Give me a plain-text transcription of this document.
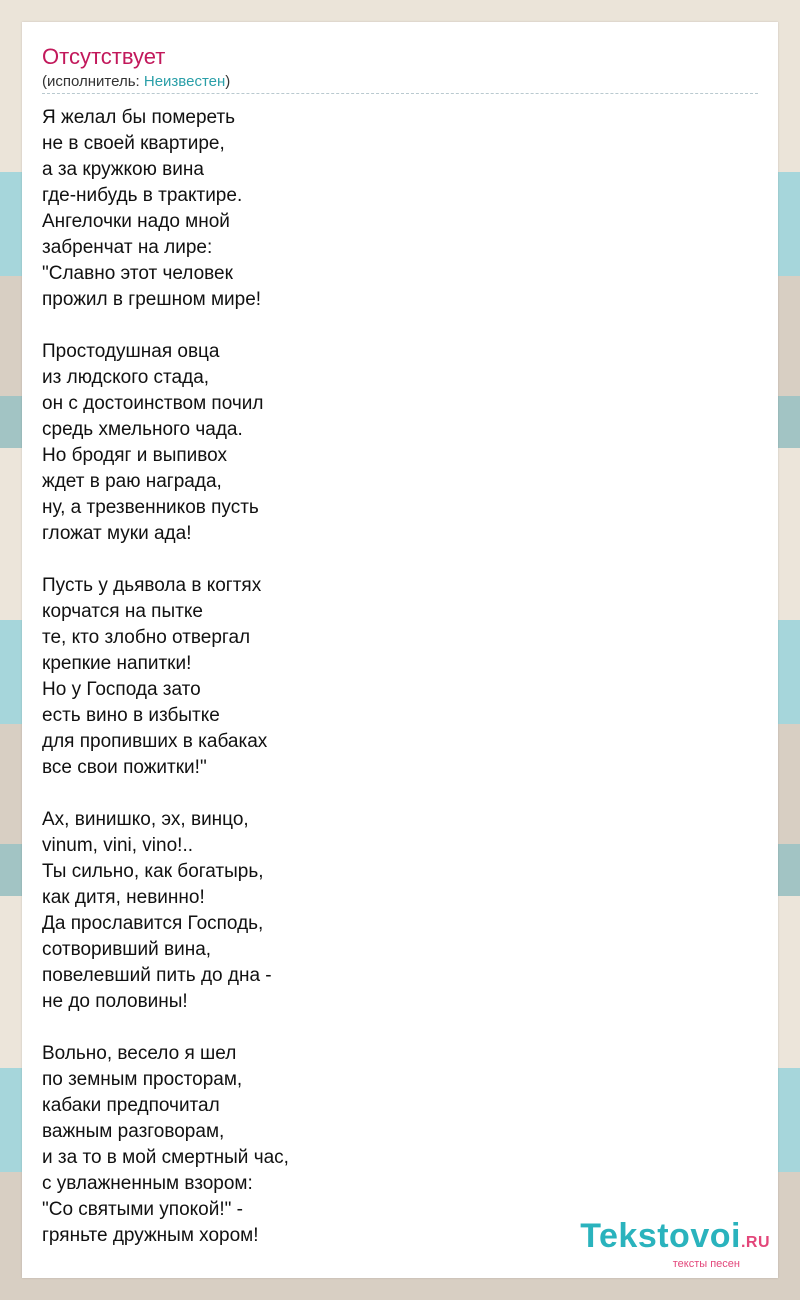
Отсутствует
(исполнитель: Неизвестен)
Я желал бы помереть
не в своей квартире,
а за кружкою вина
где-нибудь в трактире.
Ангелочки надо мной
забренчат на лире:
"Славно этот человек
прожил в грешном мире!
Простодушная овца
из людского стада,
он с достоинством почил
средь хмельного чада.
Но бродяг и выпивох
ждет в раю награда,
ну, а трезвенников пусть
гложат муки ада!
Пусть у дьявола в когтях
корчатся на пытке
те, кто злобно отвергал
крепкие напитки!
Но у Господа зато
есть вино в избытке
для пропивших в кабаках
все свои пожитки!"
Ах, винишко, эх, винцо,
vinum, vini, vino!..
Ты сильно, как богатырь,
как дитя, невинно!
Да прославится Господь,
сотворивший вина,
повелевший пить до дна -
не до половины!
Вольно, весело я шел
по земным просторам,
кабаки предпочитал
важным разговорам,
и за то в мой смертный час,
с увлажненным взором:
"Со святыми упокой!" -
гряньте дружным хором!	Tekstovoi.RU
тексты песен
